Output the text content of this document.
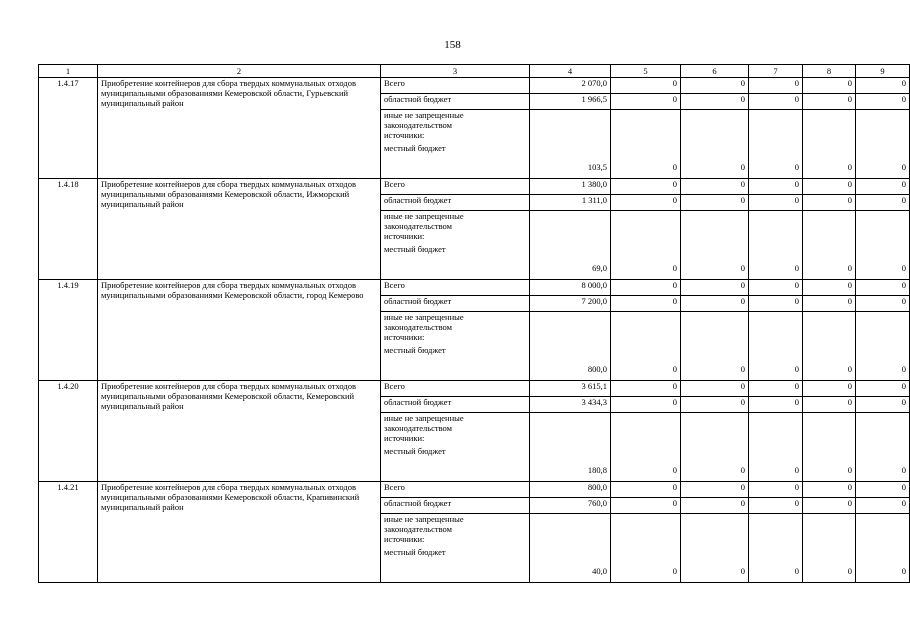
158
1	2	3	4	5	6	7	8	9
1.4.17	Приобретение контейнеров для сбора твердых коммунальных отходов муниципальными образованиями Кемеровской области, Гурьевский муниципальный район	Всего	2 070,0	0	0	0	0	0
		областной бюджет	1 966,5	0	0	0	0	0

		иные не запрещенные
законодательством
источники:
местный бюджет	103,5	0	0	0	0	0
1.4.18	Приобретение контейнеров для сбора твердых коммунальных отходов муниципальными образованиями Кемеровской области, Ижморский муниципальный район	Всего	1 380,0	0	0	0	0	0
		областной бюджет	1 311,0	0	0	0	0	0

		иные не запрещенные
законодательством
источники:
местный бюджет	69,0	0	0	0	0	0
1.4.19	Приобретение контейнеров для сбора твердых коммунальных отходов муниципальными образованиями Кемеровской области, город Кемерово	Всего	8 000,0	0	0	0	0	0
		областной бюджет	7 200,0	0	0	0	0	0

		иные не запрещенные
законодательством
источники:
местный бюджет	800,0	0	0	0	0	0
1.4.20	Приобретение контейнеров для сбора твердых коммунальных отходов муниципальными образованиями Кемеровской области, Кемеровский муниципальный район	Всего	3 615,1	0	0	0	0	0
		областной бюджет	3 434,3	0	0	0	0	0

		иные не запрещенные
законодательством
источники:
местный бюджет	180,8	0	0	0	0	0
1.4.21	Приобретение контейнеров для сбора твердых коммунальных отходов муниципальными образованиями Кемеровской области, Крапивинский муниципальный район	Всего	800,0	0	0	0	0	0
		областной бюджет	760,0	0	0	0	0	0

		иные не запрещенные
законодательством
источники:
местный бюджет	40,0	0	0	0	0	0
